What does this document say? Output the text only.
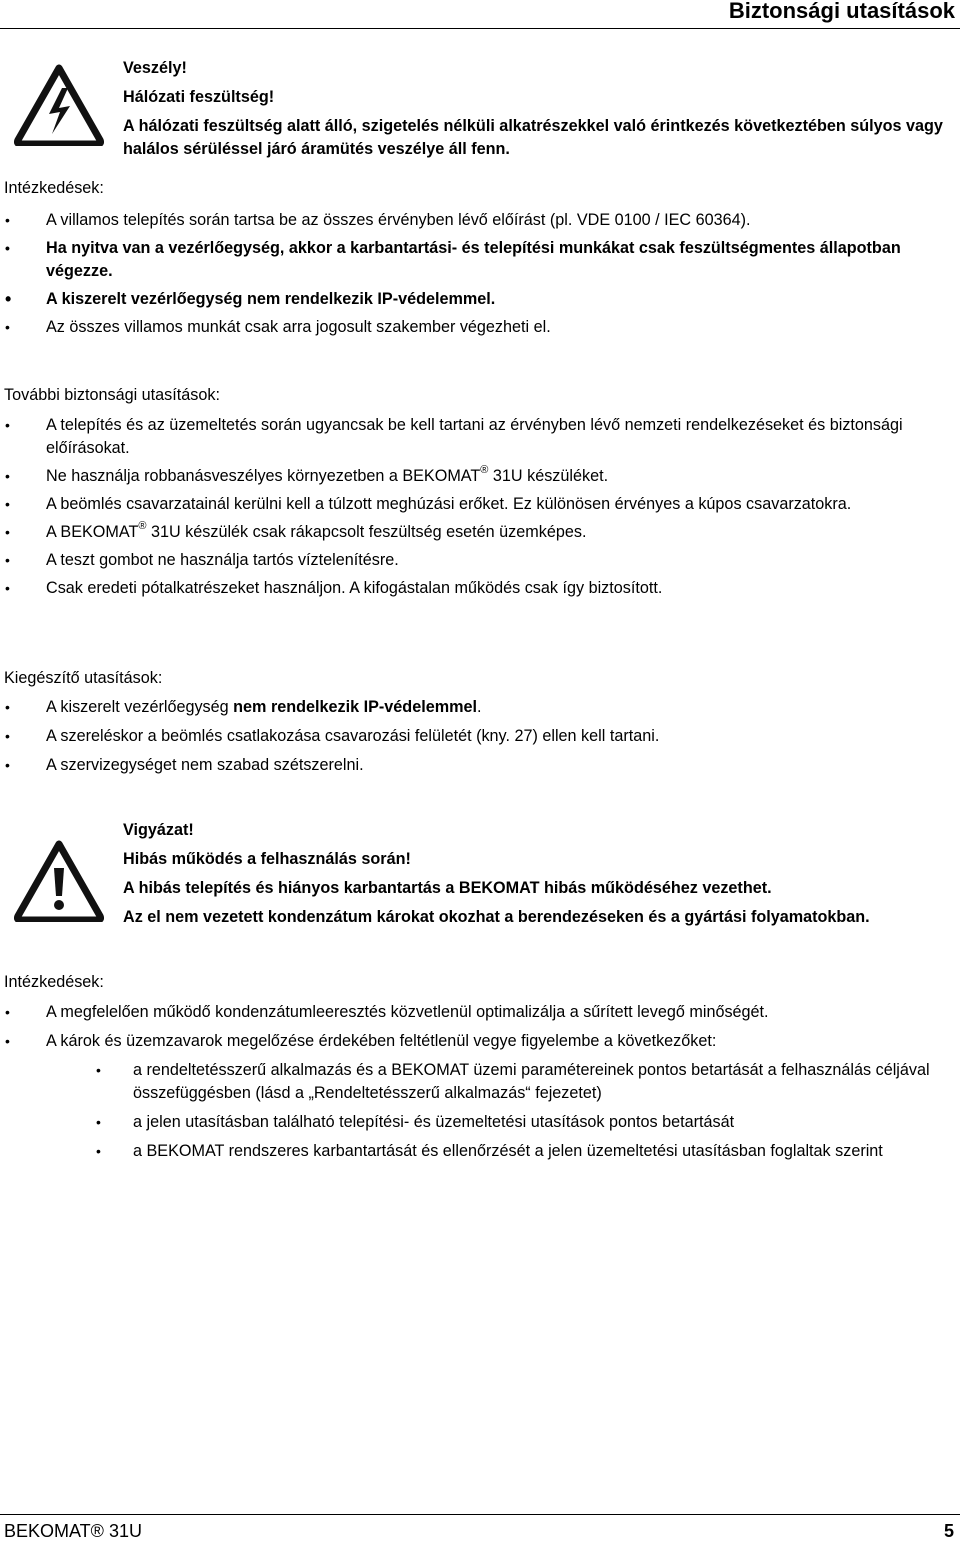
Biztonsági utasítások
Veszély!
Hálózati feszültség!
A hálózati feszültség alatt álló, szigetelés nélküli alkatrészekkel való érintkezés következtében súlyos vagy halálos sérüléssel járó áramütés veszélye áll fenn.
Intézkedések:
• A villamos telepítés során tartsa be az összes érvényben lévő előírást (pl. VDE 0100 / IEC 60364).
• Ha nyitva van a vezérlőegység, akkor a karbantartási- és telepítési munkákat csak feszültségmentes állapotban végezze.
• A kiszerelt vezérlőegység nem rendelkezik IP-védelemmel.
• Az összes villamos munkát csak arra jogosult szakember végezheti el.
További biztonsági utasítások:
• A telepítés és az üzemeltetés során ugyancsak be kell tartani az érvényben lévő nemzeti rendelkezéseket és biztonsági előírásokat.
• Ne használja robbanásveszélyes környezetben a BEKOMAT® 31U készüléket.
• A beömlés csavarzatainál kerülni kell a túlzott meghúzási erőket. Ez különösen érvényes a kúpos csavarzatokra.
• A BEKOMAT® 31U készülék csak rákapcsolt feszültség esetén üzemképes.
• A teszt gombot ne használja tartós víztelenítésre.
• Csak eredeti pótalkatrészeket használjon. A kifogástalan működés csak így biztosított.
Kiegészítő utasítások:
• A kiszerelt vezérlőegység nem rendelkezik IP-védelemmel.
• A szereléskor a beömlés csatlakozása csavarozási felületét (kny. 27) ellen kell tartani.
• A szervizegységet nem szabad szétszerelni.
Vigyázat!
Hibás működés a felhasználás során!
A hibás telepítés és hiányos karbantartás a BEKOMAT hibás működéséhez vezethet.
Az el nem vezetett kondenzátum károkat okozhat a berendezéseken és a gyártási folyamatokban.
Intézkedések:
• A megfelelően működő kondenzátumleeresztés közvetlenül optimalizálja a sűrített levegő minőségét.
• A károk és üzemzavarok megelőzése érdekében feltétlenül vegye figyelembe a következőket:
• a rendeltetésszerű alkalmazás és a BEKOMAT üzemi paramétereinek pontos betartását a felhasználás céljával összefüggésben (lásd a „Rendeltetésszerű alkalmazás“ fejezetet)
• a jelen utasításban található telepítési- és üzemeltetési utasítások pontos betartását
• a BEKOMAT rendszeres karbantartását és ellenőrzését a jelen üzemeltetési utasításban foglaltak szerint
BEKOMAT® 31U	5
